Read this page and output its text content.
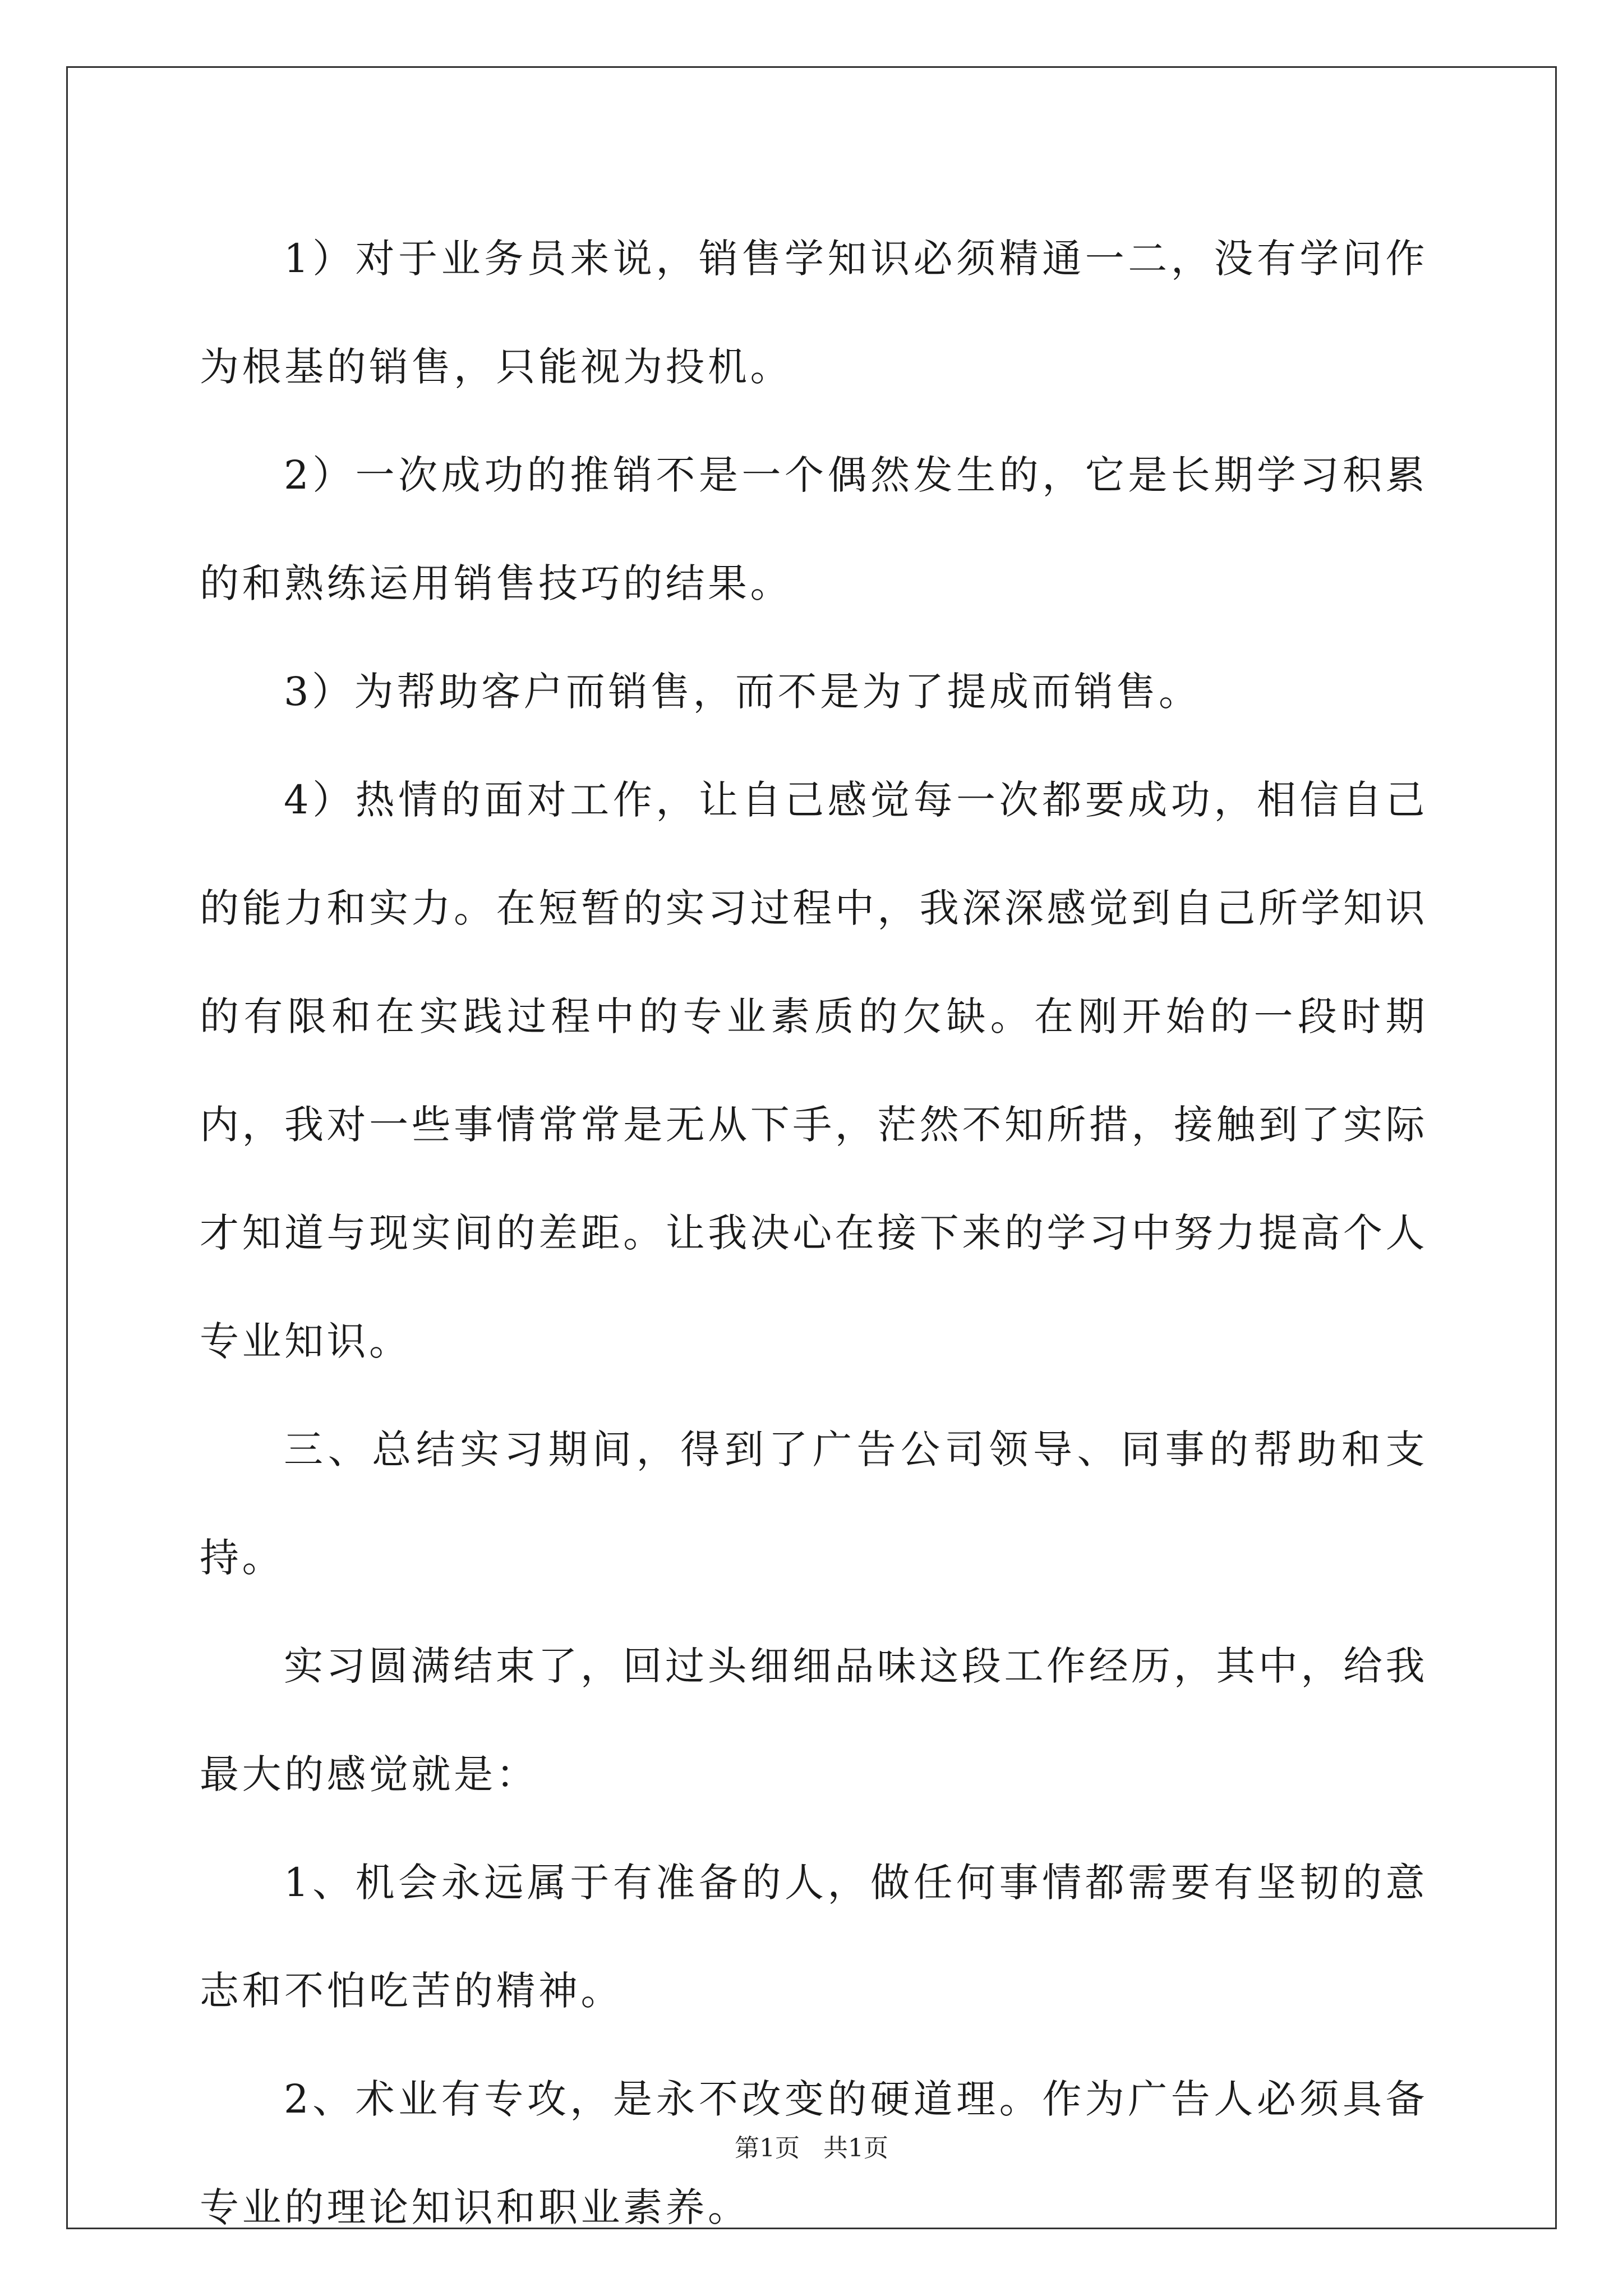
1）对于业务员来说，销售学知识必须精通一二，没有学问作为根基的销售，只能视为投机。

2）一次成功的推销不是一个偶然发生的，它是长期学习积累的和熟练运用销售技巧的结果。

3）为帮助客户而销售，而不是为了提成而销售。

4）热情的面对工作，让自己感觉每一次都要成功，相信自己的能力和实力。在短暂的实习过程中，我深深感觉到自己所学知识的有限和在实践过程中的专业素质的欠缺。在刚开始的一段时期内，我对一些事情常常是无从下手，茫然不知所措，接触到了实际才知道与现实间的差距。让我决心在接下来的学习中努力提高个人专业知识。

三、总结实习期间，得到了广告公司领导、同事的帮助和支持。

实习圆满结束了，回过头细细品味这段工作经历，其中，给我最大的感觉就是：

1、机会永远属于有准备的人，做任何事情都需要有坚韧的意志和不怕吃苦的精神。

2、术业有专攻，是永不改变的硬道理。作为广告人必须具备专业的理论知识和职业素养。

第1页 共1页
